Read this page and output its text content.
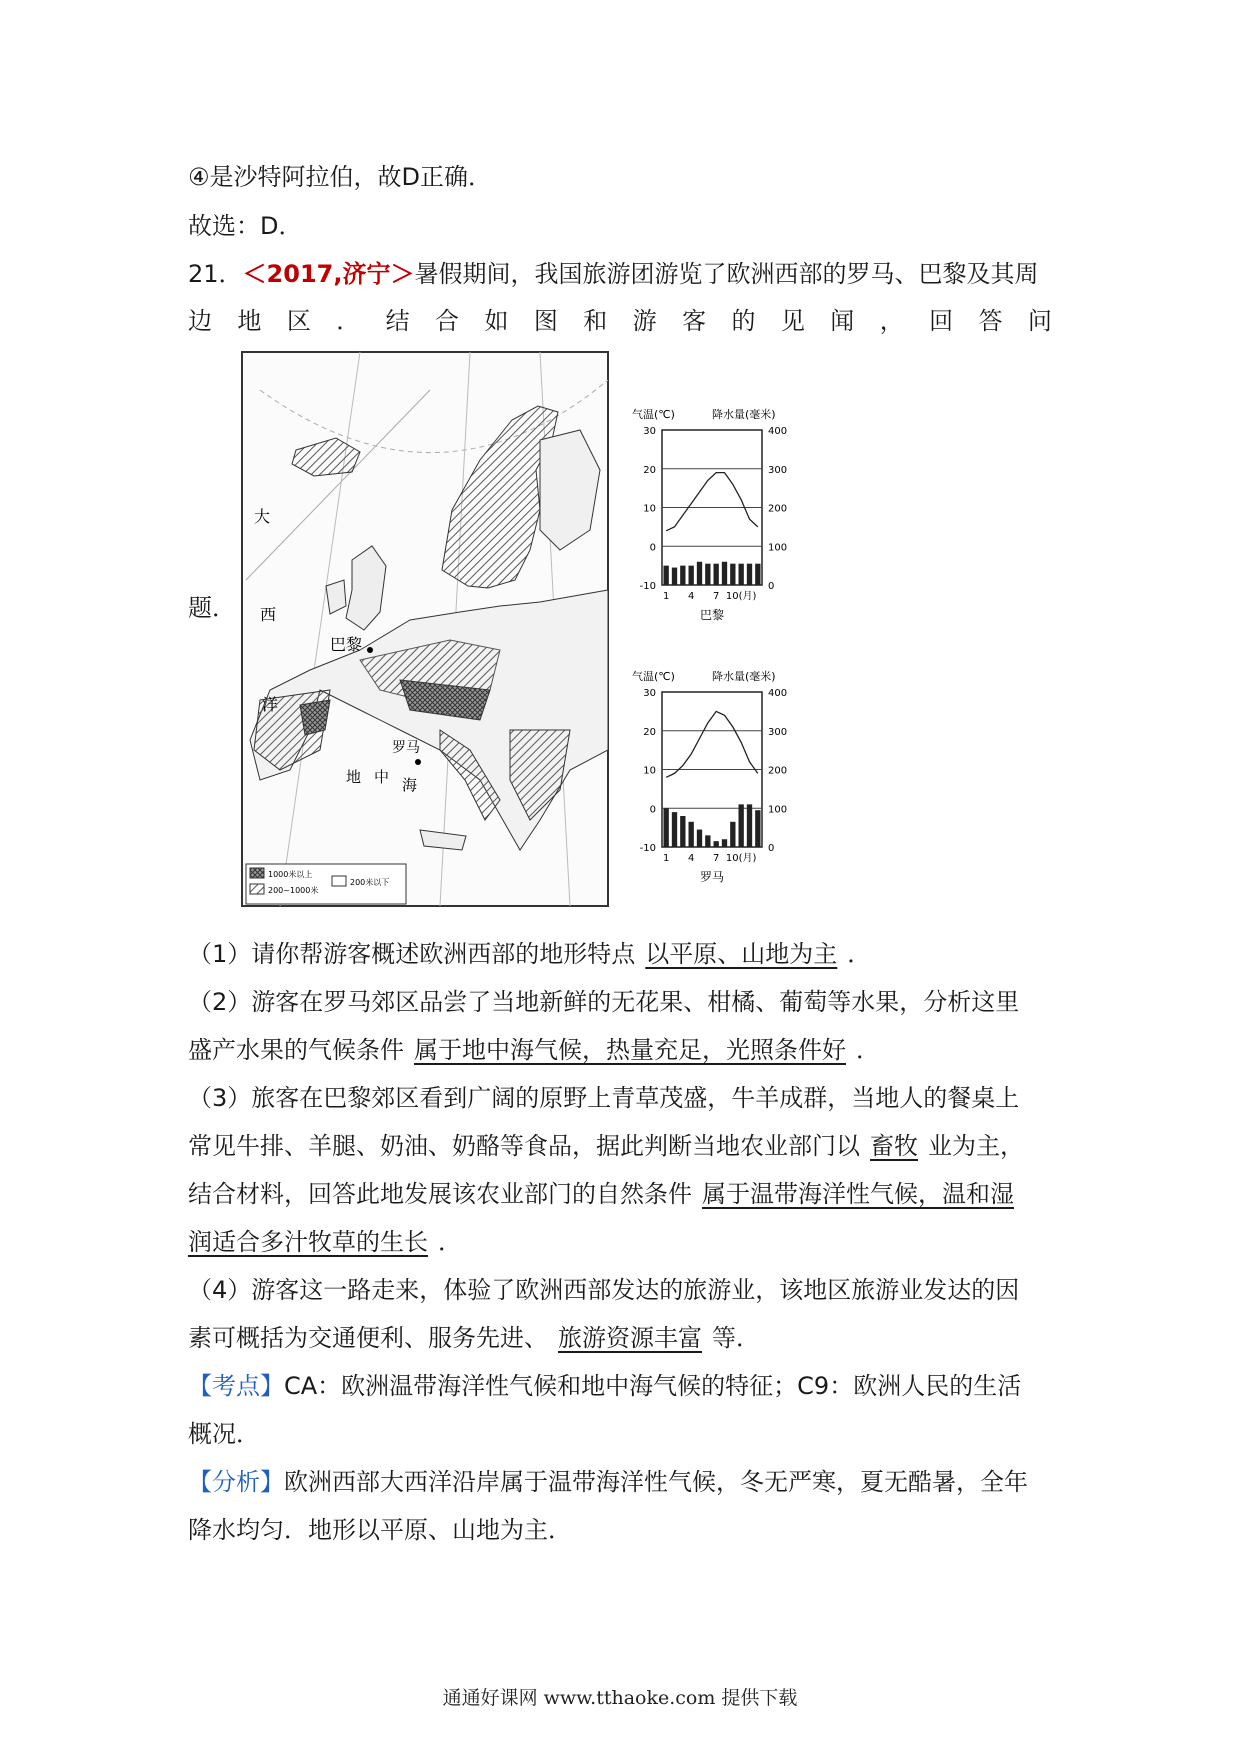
④是沙特阿拉伯，故D正确．
故选：D．
21．＜2017,济宁＞暑假期间，我国旅游团游览了欧洲西部的罗马、巴黎及其周
边 地 区 ． 结 合 如 图 和 游 客 的 见 闻 ， 回 答 问
题．
大
西
洋
巴黎
罗马
地 中 海
1000米以上
200~1000米
200米以下
气温(℃)	降水量(毫米)
30
20
10
0
-10
400
300
200
100
0
1 4 7 10(月)
巴黎
气温(℃)	降水量(毫米)
30
20
10
0
-10
400
300
200
100
0
1 4 7 10(月)
罗马
（1）请你帮游客概述欧洲西部的地形特点 以平原、山地为主 ．
（2）游客在罗马郊区品尝了当地新鲜的无花果、柑橘、葡萄等水果，分析这里
盛产水果的气候条件 属于地中海气候，热量充足，光照条件好 ．
（3）旅客在巴黎郊区看到广阔的原野上青草茂盛，牛羊成群，当地人的餐桌上
常见牛排、羊腿、奶油、奶酪等食品，据此判断当地农业部门以 畜牧 业为主，
结合材料，回答此地发展该农业部门的自然条件 属于温带海洋性气候，温和湿
润适合多汁牧草的生长 ．
（4）游客这一路走来，体验了欧洲西部发达的旅游业，该地区旅游业发达的因
素可概括为交通便利、服务先进、 旅游资源丰富 等．
【考点】CA：欧洲温带海洋性气候和地中海气候的特征；C9：欧洲人民的生活
概况．
【分析】欧洲西部大西洋沿岸属于温带海洋性气候，冬无严寒，夏无酷暑，全年
降水均匀．地形以平原、山地为主．
通通好课网 www.tthaoke.com 提供下载
